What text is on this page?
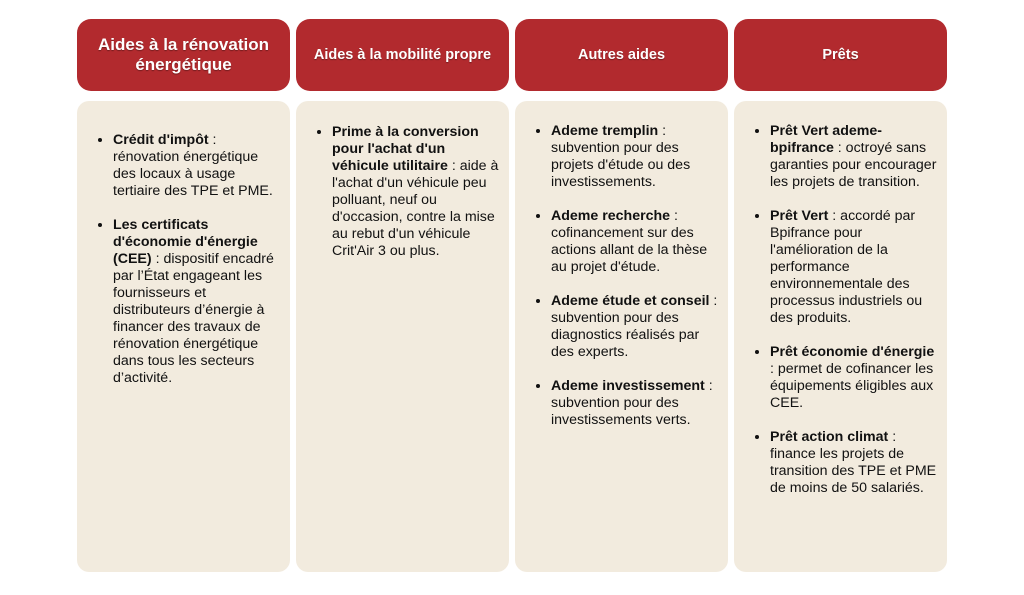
Aides à la rénovation énergétique
• Crédit d'impôt : rénovation énergétique des locaux à usage tertiaire des TPE et PME.
• Les certificats d'économie d'énergie (CEE) : dispositif encadré par l’État engageant les fournisseurs et distributeurs d’énergie à financer des travaux de rénovation énergétique dans tous les secteurs d’activité.
Aides à la mobilité propre
• Prime à la conversion pour l'achat d'un véhicule utilitaire : aide à l'achat d'un véhicule peu polluant, neuf ou d'occasion, contre la mise au rebut d'un véhicule Crit'Air 3 ou plus.
Autres aides
• Ademe tremplin : subvention pour des projets d'étude ou des investissements.
• Ademe recherche : cofinancement sur des actions allant de la thèse au projet d'étude.
• Ademe étude et conseil : subvention pour des diagnostics réalisés par des experts.
• Ademe investissement : subvention pour des investissements verts.
Prêts
• Prêt Vert ademe-bpifrance : octroyé sans garanties pour encourager les projets de transition.
• Prêt Vert : accordé par Bpifrance pour l'amélioration de la performance environnementale des processus industriels ou des produits.
• Prêt économie d'énergie : permet de cofinancer les équipements éligibles aux CEE.
• Prêt action climat : finance les projets de transition des TPE et PME de moins de 50 salariés.
